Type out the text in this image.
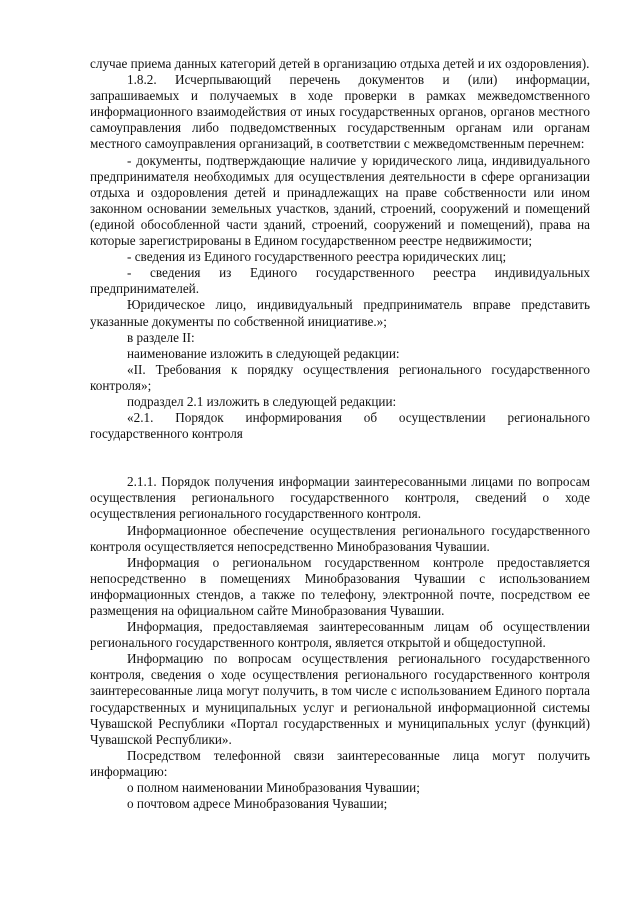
случае приема данных категорий детей в организацию отдыха детей и их оздоровления).

1.8.2. Исчерпывающий перечень документов и (или) информации, запрашиваемых и получаемых в ходе проверки в рамках межведомственного информационного взаимодействия от иных государственных органов, органов местного самоуправления либо подведомственных государственным органам или органам местного самоуправления организаций, в соответствии с межведомственным перечнем:

- документы, подтверждающие наличие у юридического лица, индивидуального предпринимателя необходимых для осуществления деятельности в сфере организации отдыха и оздоровления детей и принадлежащих на праве собственности или ином законном основании земельных участков, зданий, строений, сооружений и помещений (единой обособленной части зданий, строений, сооружений и помещений), права на которые зарегистрированы в Едином государственном реестре недвижимости;

- сведения из Единого государственного реестра юридических лиц;

- сведения из Единого государственного реестра индивидуальных предпринимателей.

Юридическое лицо, индивидуальный предприниматель вправе представить указанные документы по собственной инициативе.»;

в разделе II:

наименование изложить в следующей редакции:

«II. Требования к порядку осуществления регионального государственного контроля»;

подраздел 2.1 изложить в следующей редакции:

«2.1. Порядок информирования об осуществлении регионального государственного контроля

2.1.1. Порядок получения информации заинтересованными лицами по вопросам осуществления регионального государственного контроля, сведений о ходе осуществления регионального государственного контроля.

Информационное обеспечение осуществления регионального государственного контроля осуществляется непосредственно Минобразования Чувашии.

Информация о региональном государственном контроле предоставляется непосредственно в помещениях Минобразования Чувашии с использованием информационных стендов, а также по телефону, электронной почте, посредством ее размещения на официальном сайте Минобразования Чувашии.

Информация, предоставляемая заинтересованным лицам об осуществлении регионального государственного контроля, является открытой и общедоступной.

Информацию по вопросам осуществления регионального государственного контроля, сведения о ходе осуществления регионального государственного контроля заинтересованные лица могут получить, в том числе с использованием Единого портала государственных и муниципальных услуг и региональной информационной системы Чувашской Республики «Портал государственных и муниципальных услуг (функций) Чувашской Республики».

Посредством телефонной связи заинтересованные лица могут получить информацию:

о полном наименовании Минобразования Чувашии;

о почтовом адресе Минобразования Чувашии;
